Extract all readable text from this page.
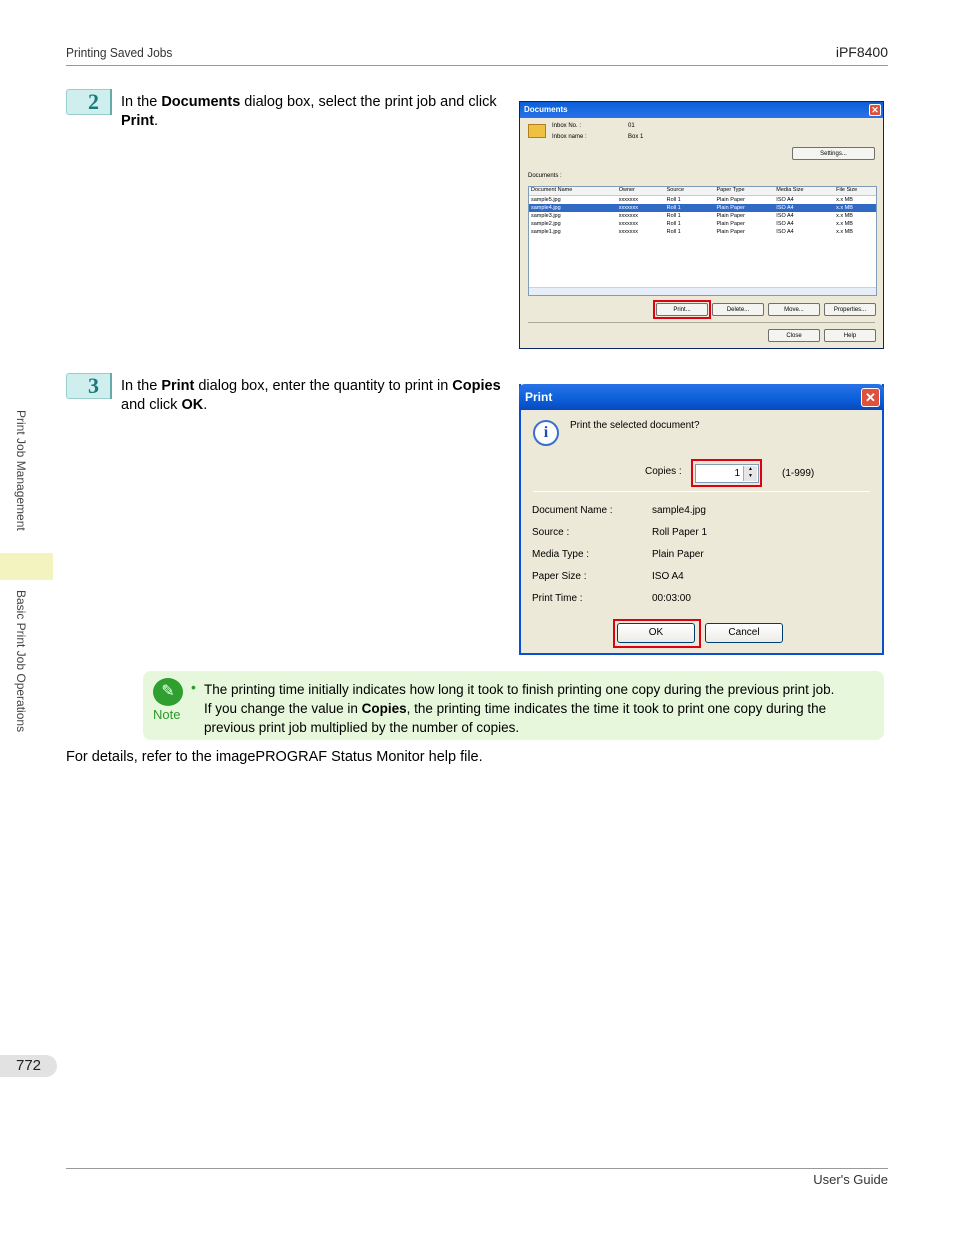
Printing Saved Jobs	iPF8400
Print Job Management
Basic Print Job Operations
2	In the Documents dialog box, select the print job and click Print.
Documents	✕
Inbox No. :	01
Inbox name :	Box 1
Settings...
Documents :
Document Name	Owner	Source	Paper Type	Media Size	File Size
sample5.jpg	xxxxxxx	Roll 1	Plain Paper	ISO A4	x.x MB
sample4.jpg	xxxxxxx	Roll 1	Plain Paper	ISO A4	x.x MB
sample3.jpg	xxxxxxx	Roll 1	Plain Paper	ISO A4	x.x MB
sample2.jpg	xxxxxxx	Roll 1	Plain Paper	ISO A4	x.x MB
sample1.jpg	xxxxxxx	Roll 1	Plain Paper	ISO A4	x.x MB
Print...	Delete...	Move...	Properties...
Close	Help
3	In the Print dialog box, enter the quantity to print in Copies and click OK.	Print	✕
i	Print the selected document?
Copies :	1	▲
▼	(1-999)
Document Name :	sample4.jpg
Source :	Roll Paper 1
Media Type :	Plain Paper
Paper Size :	ISO A4
Print Time :	00:03:00
OK	Cancel
✎
Note
• The printing time initially indicates how long it took to finish printing one copy during the previous print job.
If you change the value in Copies, the printing time indicates the time it took to print one copy during the previous print job multiplied by the number of copies.
For details, refer to the imagePROGRAF Status Monitor help file.
772
User's Guide
